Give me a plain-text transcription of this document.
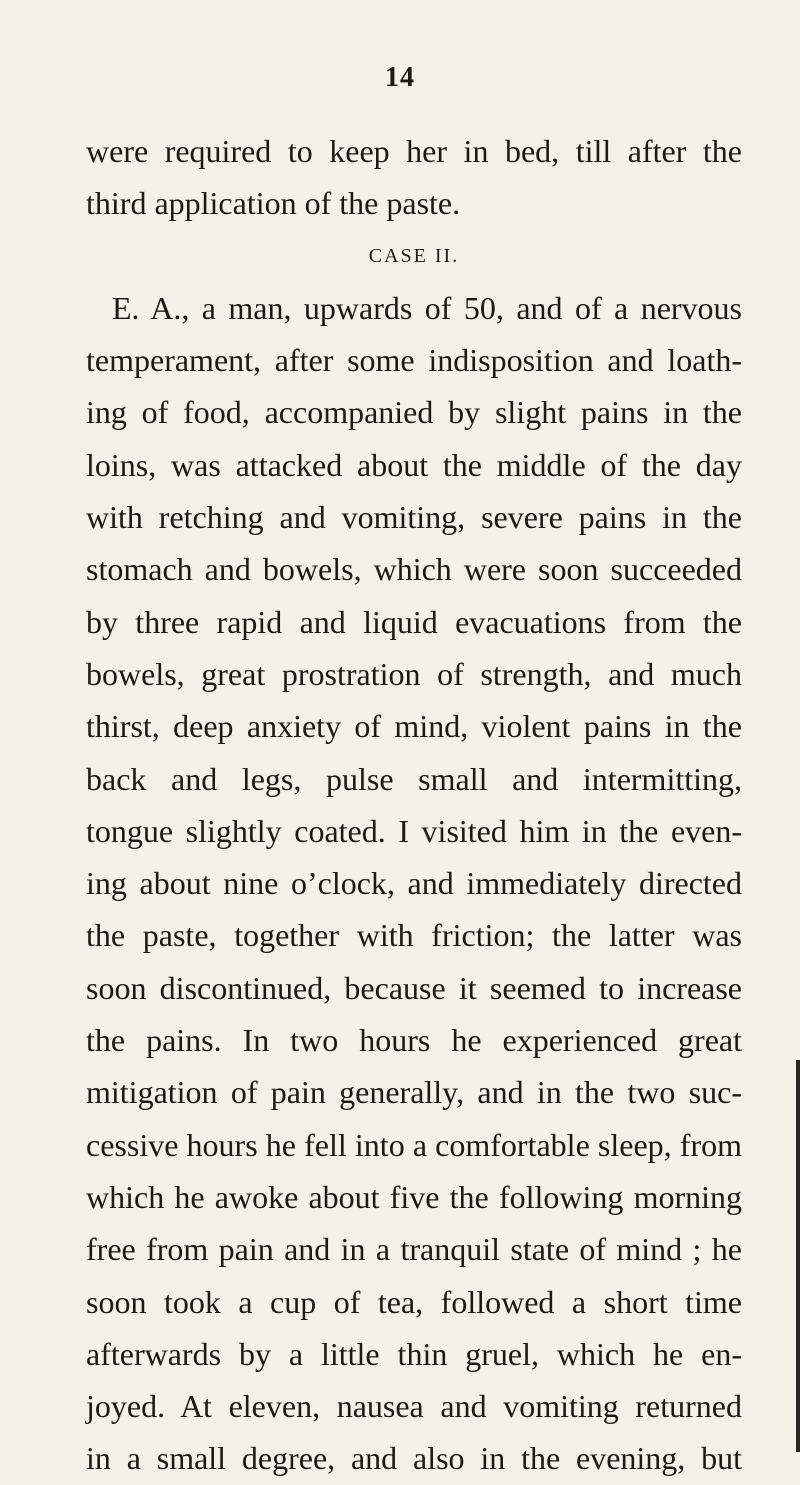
14
were required to keep her in bed, till after the
third application of the paste.
CASE II.
E. A., a man, upwards of 50, and of a nervous
temperament, after some indisposition and loath-
ing of food, accompanied by slight pains in the
loins, was attacked about the middle of the day
with retching and vomiting, severe pains in the
stomach and bowels, which were soon succeeded
by three rapid and liquid evacuations from the
bowels, great prostration of strength, and much
thirst, deep anxiety of mind, violent pains in the
back and legs, pulse small and intermitting,
tongue slightly coated. I visited him in the even-
ing about nine o’clock, and immediately directed
the paste, together with friction; the latter was
soon discontinued, because it seemed to increase
the pains. In two hours he experienced great
mitigation of pain generally, and in the two suc-
cessive hours he fell into a comfortable sleep, from
which he awoke about five the following morning
free from pain and in a tranquil state of mind ; he
soon took a cup of tea, followed a short time
afterwards by a little thin gruel, which he en-
joyed. At eleven, nausea and vomiting returned
in a small degree, and also in the evening, but
